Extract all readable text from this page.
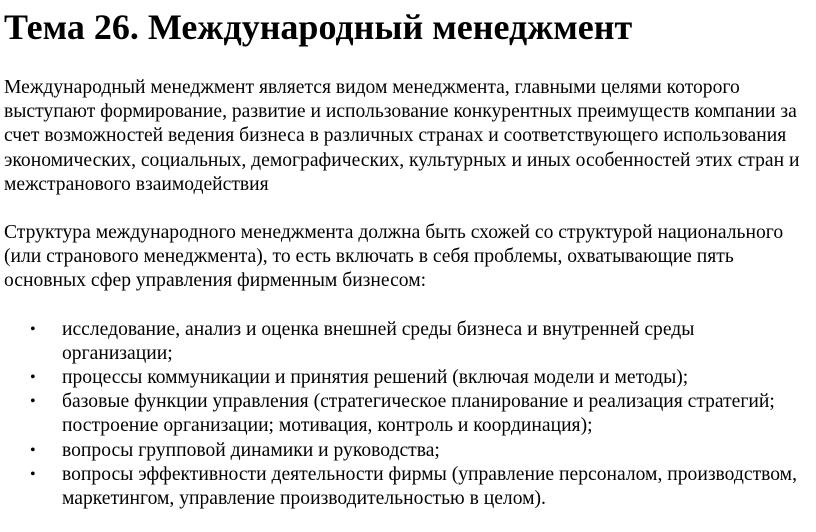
Тема 26. Международный менеджмент

Международный менеджмент является видом менеджмента, главными целями которого выступают формирование, развитие и использование конкурентных преимуществ компании за счет возможностей ведения бизнеса в различных странах и соответствующего использования экономических, социальных, демографических, культурных и иных особенностей этих стран и межстранового взаимодействия

Структура международного менеджмента должна быть схожей со структурой национального (или странового менеджмента), то есть включать в себя проблемы, охватывающие пять основных сфер управления фирменным бизнесом:

• исследование, анализ и оценка внешней среды бизнеса и внутренней среды организации;
• процессы коммуникации и принятия решений (включая модели и методы);
• базовые функции управления (стратегическое планирование и реализация стратегий; построение организации; мотивация, контроль и координация);
• вопросы групповой динамики и руководства;
• вопросы эффективности деятельности фирмы (управление персоналом, производством, маркетингом, управление производительностью в целом).
